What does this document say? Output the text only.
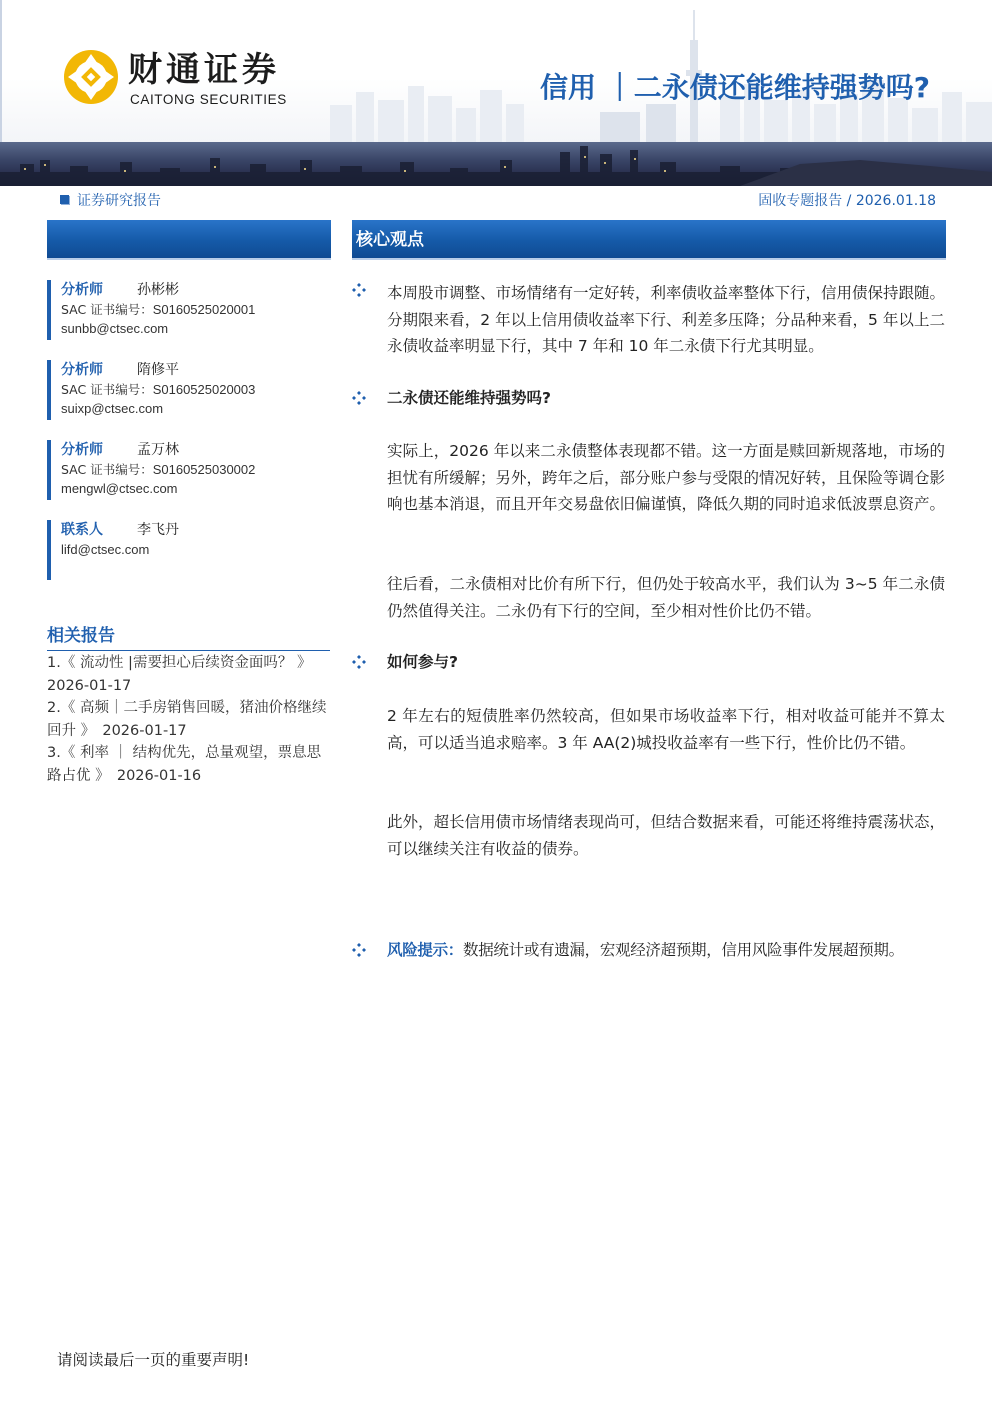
财通证券
CAITONG SECURITIES	信用 ｜二永债还能维持强势吗?
证券研究报告	固收专题报告 / 2026.01.18
核心观点
分析师 孙彬彬
SAC 证书编号：S0160525020001
sunbb@ctsec.com
分析师 隋修平
SAC 证书编号：S0160525020003
suixp@ctsec.com
分析师 孟万林
SAC 证书编号：S0160525030002
mengwl@ctsec.com
联系人 李飞丹
lifd@ctsec.com
相关报告
1.《 流动性 |需要担心后续资金面吗？ 》 2026-01-17
2.《 高频｜二手房销售回暖，猪油价格继续回升 》　2026-01-17
3.《 利率 ｜ 结构优先，总量观望，票息思路占优 》　2026-01-16
本周股市调整、市场情绪有一定好转，利率债收益率整体下行，信用债保持跟随。分期限来看，2 年以上信用债收益率下行、利差多压降；分品种来看，5 年以上二永债收益率明显下行，其中 7 年和 10 年二永债下行尤其明显。
二永债还能维持强势吗?
实际上，2026 年以来二永债整体表现都不错。这一方面是赎回新规落地，市场的担忧有所缓解；另外，跨年之后，部分账户参与受限的情况好转，且保险等调仓影响也基本消退，而且开年交易盘依旧偏谨慎，降低久期的同时追求低波票息资产。
往后看，二永债相对比价有所下行，但仍处于较高水平，我们认为 3~5 年二永债仍然值得关注。二永仍有下行的空间，至少相对性价比仍不错。
如何参与?
2 年左右的短债胜率仍然较高，但如果市场收益率下行，相对收益可能并不算太高，可以适当追求赔率。3 年 AA(2)城投收益率有一些下行，性价比仍不错。
此外，超长信用债市场情绪表现尚可，但结合数据来看，可能还将维持震荡状态，可以继续关注有收益的债券。
风险提示：数据统计或有遗漏，宏观经济超预期，信用风险事件发展超预期。
请阅读最后一页的重要声明!
